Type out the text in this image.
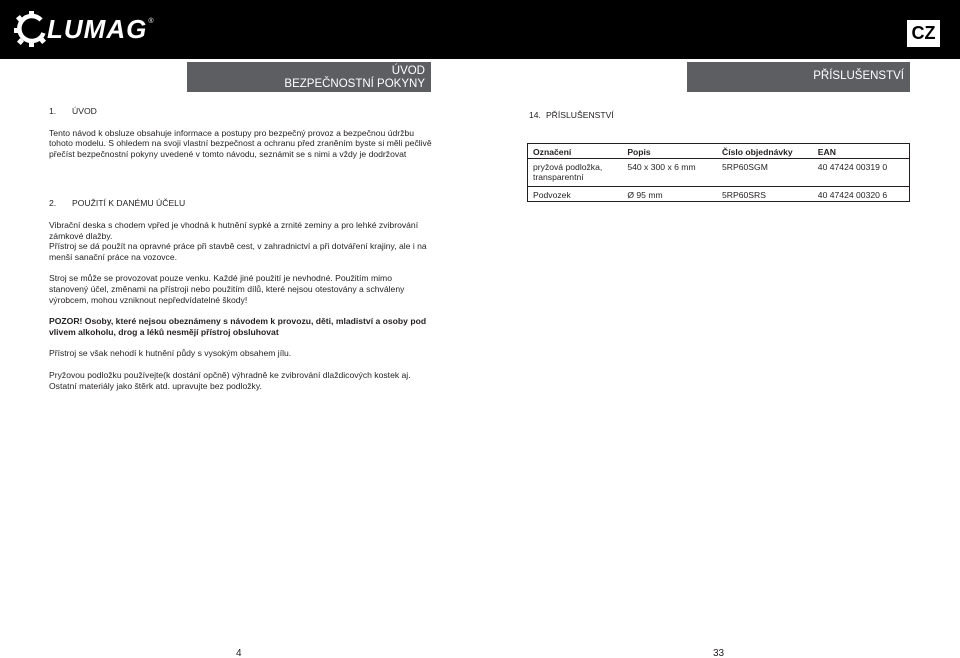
LUMAG ®
CZ
ÚVOD
BEZPEČNOSTNÍ POKYNY
PŘÍSLUŠENSTVÍ
1. ÚVOD
Tento návod k obsluze obsahuje informace a postupy pro bezpečný provoz a bezpečnou údržbu tohoto modelu. S ohledem na svoji vlastní bezpečnost a ochranu před zraněním byste si měli pečlivě přečíst bezpečnostní pokyny uvedené v tomto návodu, seznámit se s nimi a vždy je dodržovat
2. POUŽITÍ K DANÉMU ÚČELU
Vibrační deska s chodem vpřed je vhodná k hutnění sypké a zrnité zeminy a pro lehké zvibrování zámkové dlažby.
Přístroj se dá použít na opravné práce při stavbě cest, v zahradnictví a při dotváření krajiny, ale i na menší sanační práce na vozovce.
Stroj se může se provozovat pouze venku. Každé jiné použití je nevhodné. Použitím mimo stanovený účel, změnami na přístroji nebo použitím dílů, které nejsou otestovány a schváleny výrobcem, mohou vzniknout nepředvídatelné škody!
POZOR! Osoby, které nejsou obeznámeny s návodem k provozu, děti, mladiství a osoby pod vlivem alkoholu, drog a léků nesmějí přístroj obsluhovat
Přístroj se však nehodí k hutnění půdy s vysokým obsahem jílu.
Pryžovou podložku používejte(k dostání opčně) výhradně ke zvibrování dlaždicových kostek aj. Ostatní materiály jako štěrk atd. upravujte bez podložky.
14. PŘÍSLUŠENSTVÍ
Označení	Popis	Číslo objednávky	EAN
pryžová podložka, transparentní	540 x 300 x 6 mm	5RP60SGM	40 47424 00319 0
Podvozek	Ø 95 mm	5RP60SRS	40 47424 00320 6
4	33
